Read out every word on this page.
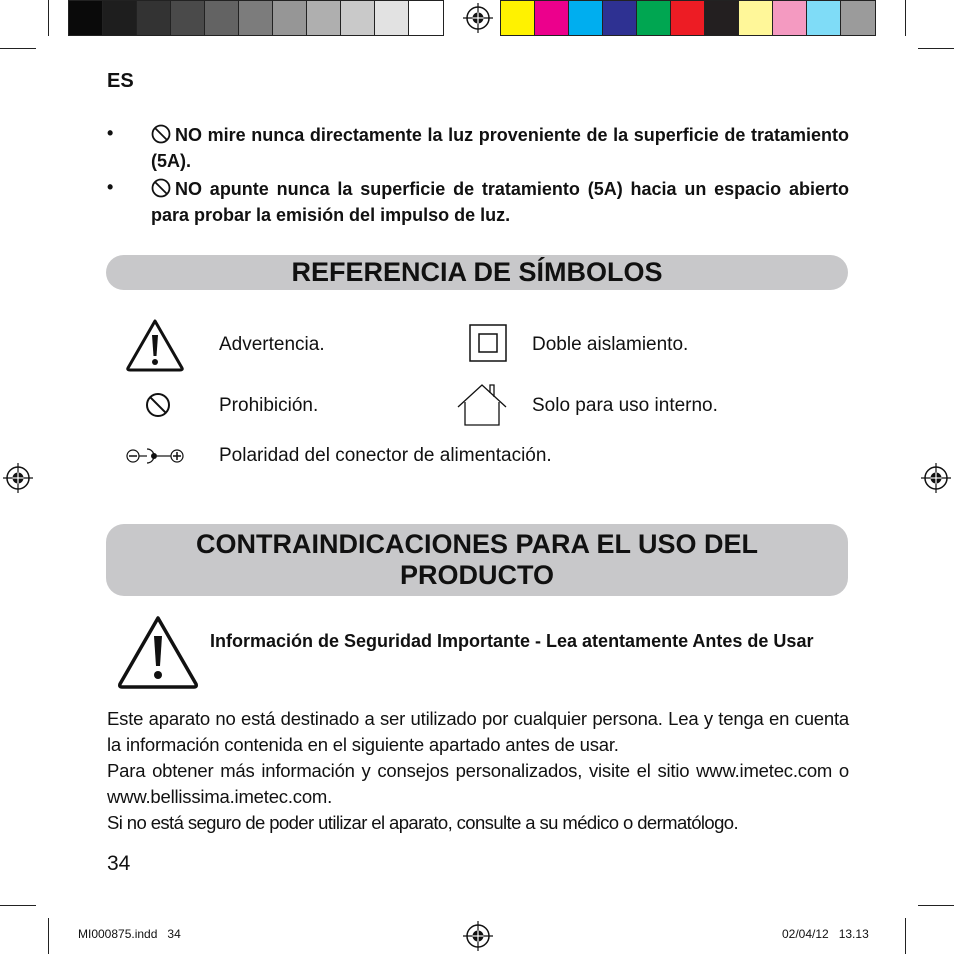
ES
•	NO mire nunca directamente la luz proveniente de la superficie de tratamiento (5A).
•	NO apunte nunca la superficie de tratamiento (5A) hacia un espacio abierto para probar la emisión del impulso de luz.
REFERENCIA DE SÍMBOLOS
Advertencia.	Doble aislamiento.
Prohibición.	Solo para uso interno.
Polaridad del conector de alimentación.
CONTRAINDICACIONES PARA EL USO DEL
PRODUCTO
Información de Seguridad Importante - Lea atentamente Antes de Usar
Este aparato no está destinado a ser utilizado por cualquier persona. Lea y tenga en cuenta la información contenida en el siguiente apartado antes de usar.
Para obtener más información y consejos personalizados, visite el sitio www.imetec.com o www.bellissima.imetec.com.
Si no está seguro de poder utilizar el aparato, consulte a su médico o dermatólogo.
34
MI000875.indd   34	02/04/12   13.13
